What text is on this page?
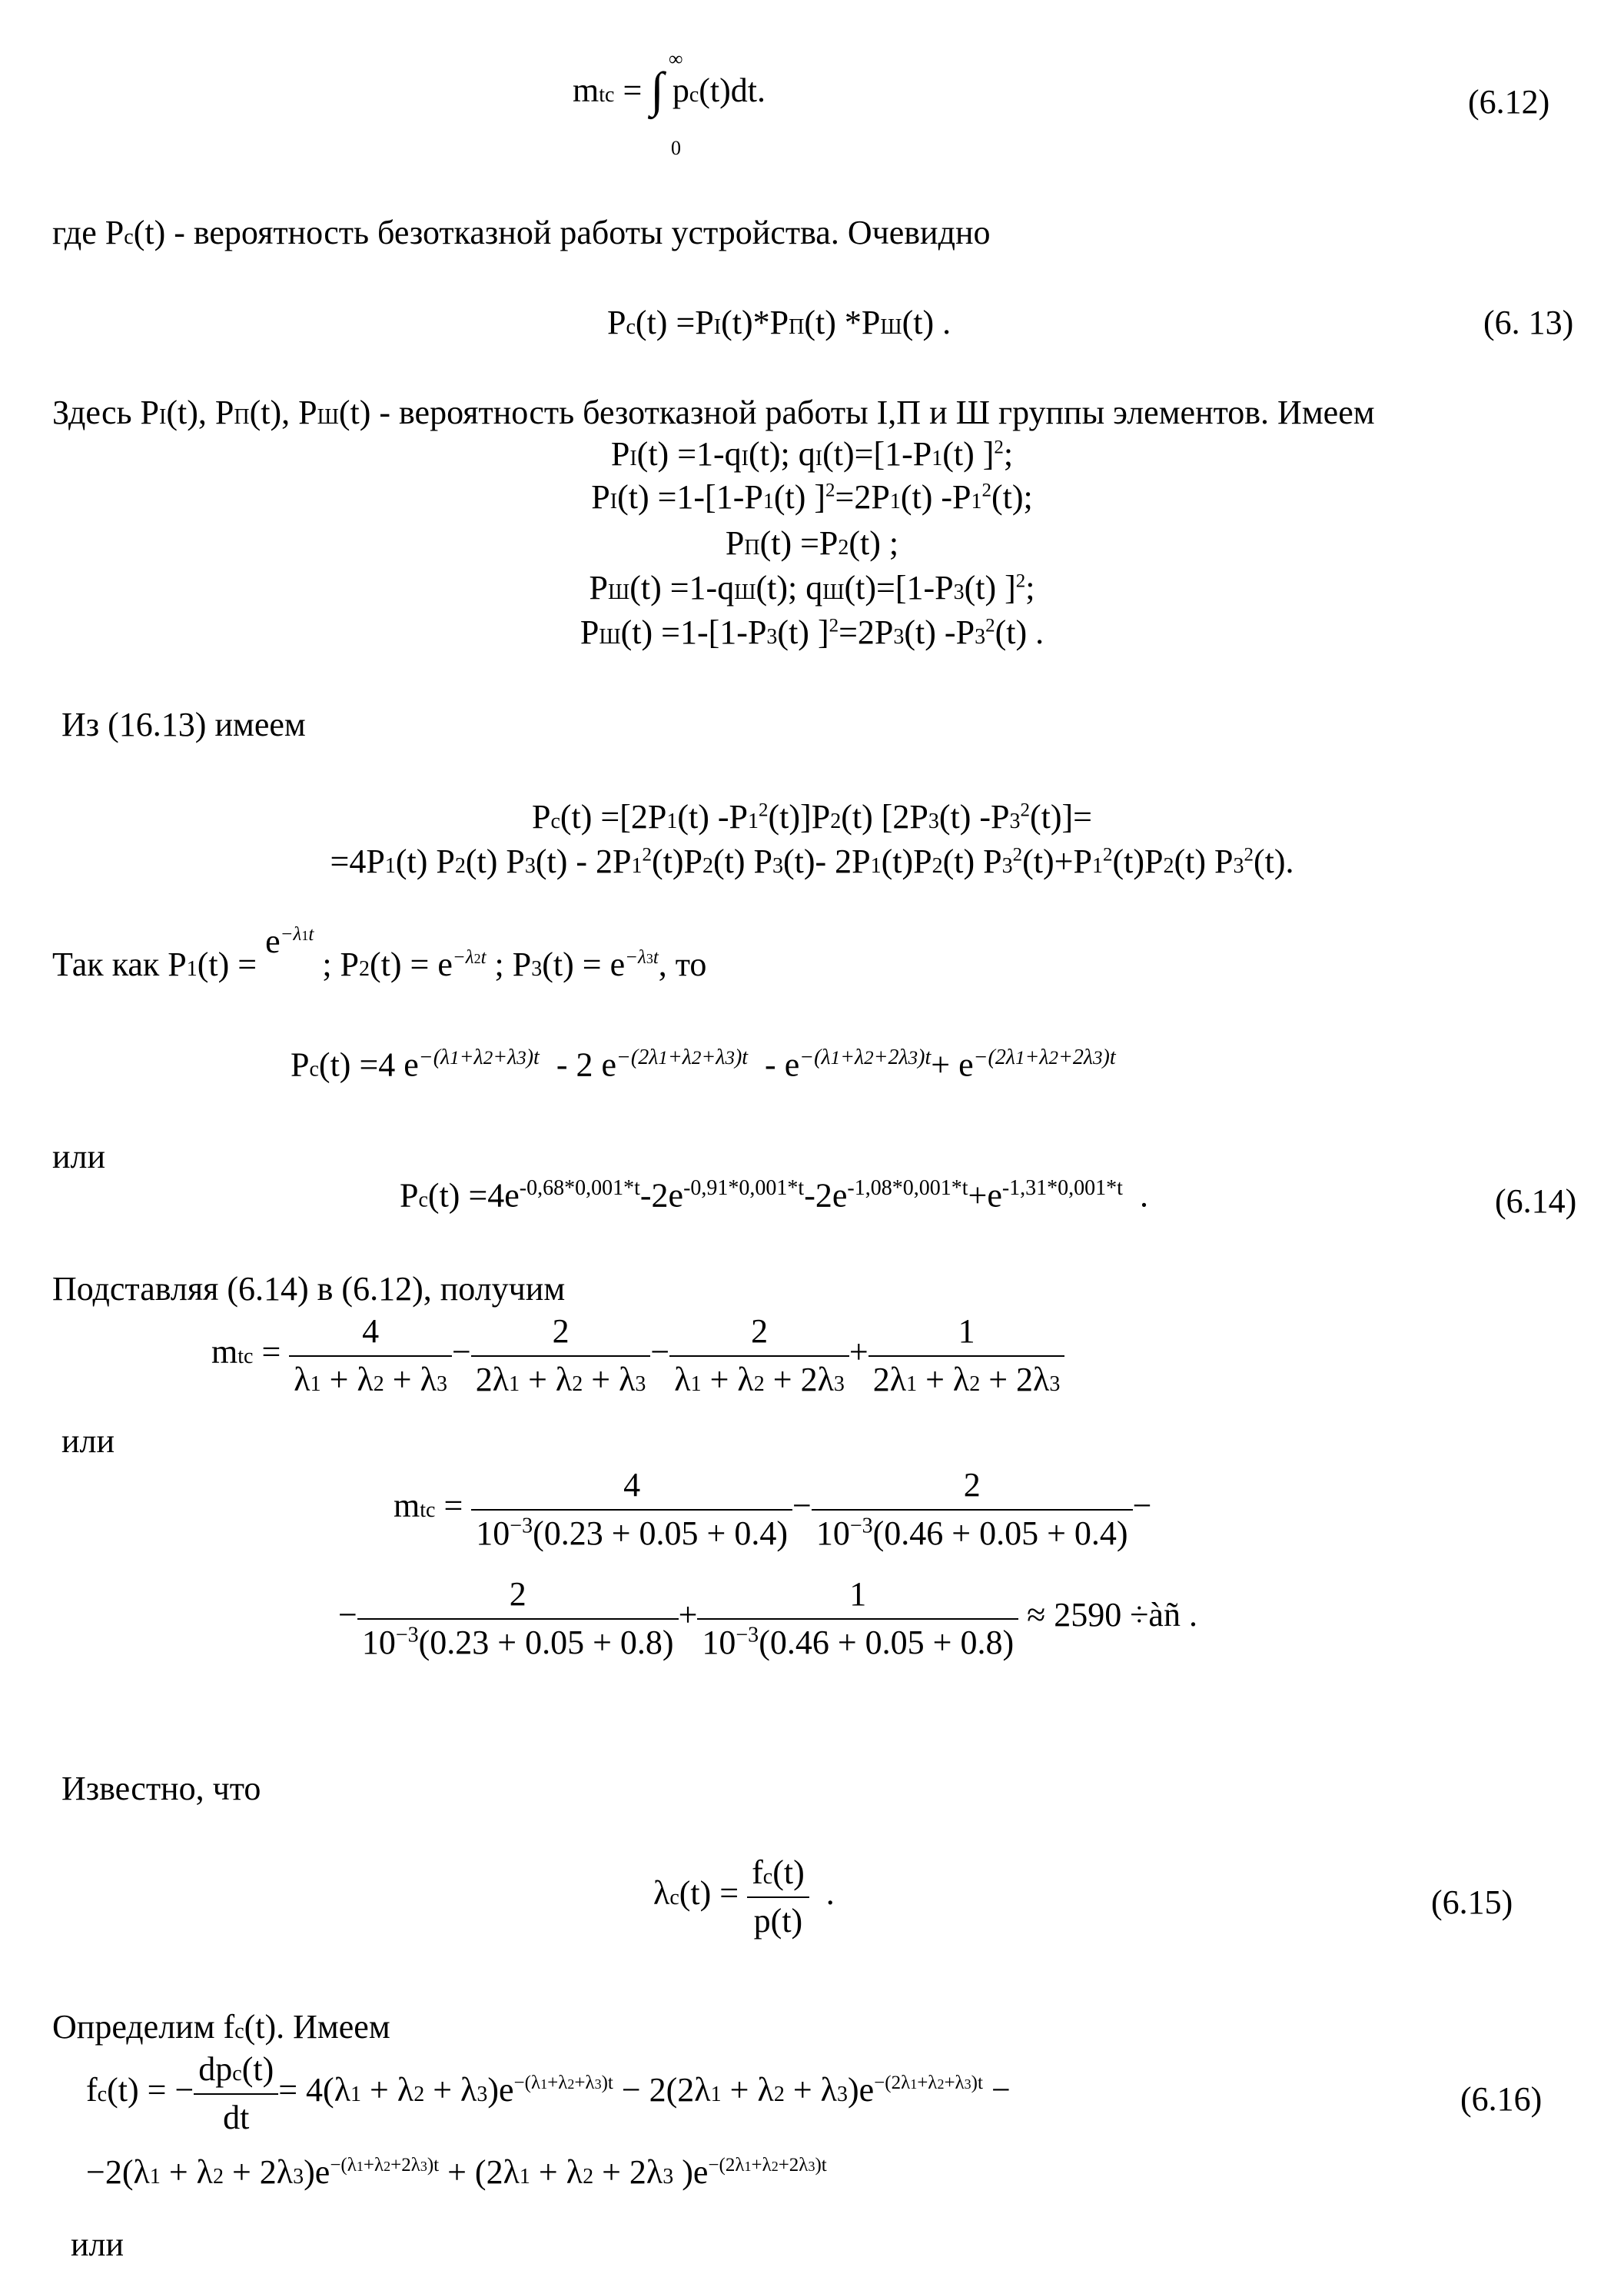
mtc = ∫ pc(t)dt.
∞
0
(6.12)
где Pc(t) - вероятность безотказной работы устройства. Очевидно
Pc(t) =PI(t)*PП(t) *PШ(t) .	(6. 13)
Здесь PI(t), PП(t), PШ(t) - вероятность безотказной работы I,П и Ш группы элементов. Имеем
PI(t) =1-qI(t); qI(t)=[1-P1(t) ]$^2$;
PI(t) =1-[1-P1(t) ]$^2$=2P1(t) $-P1^2(t)$;
PП(t) =P2(t) ;
PШ(t) =1-qШ(t); qШ(t)=[1-P3(t) ]$^2$;
PШ(t) =1-[1-P3(t) ]$^2$=2P3(t) $-P3^2(t)$ .
Из (16.13) имеем
Pc(t) =[2P1(t) $-P1^2(t)]P2(t)$ [2P3(t) $-P3^2(t)]=$
=4P1(t) P2(t) $P3(t) - 2P1^2(t)P2(t)$ P3(t)- 2P1(t)P2(t) $P3^2(t)+P1^2(t)P2(t)$ $P3^2(t)$.
Так как $P1(t) = e^{-\lambda 1t}$ ; $P2(t) = e^{-\lambda 2t}$ ; $P3(t) = e^{-\lambda 3t}$, то
Pc(t) =4 $e^{-(\lambda 1+\lambda 2+\lambda 3)t} - 2$ $e^{-(2\lambda 1+\lambda 2+\lambda 3)t} - e^{-(\lambda 1+\lambda 2+2\lambda 3)t}+ e^{-(2\lambda 1+\lambda 2+2\lambda 3)t}$
или
$Pc(t) =4e^{-0,68*0,001*t}-2e^{-0,91*0,001*t}-2e^{-1,08*0,001*t}+e^{-1,31*0,001*t}$  .	(6.14)
Подставляя (6.14) в (6.12), получим
mtc = $\frac{4}{\lambda 1 + \lambda 2 + \lambda 3} - \frac{2}{2\lambda 1 + \lambda 2 + \lambda 3} - \frac{2}{\lambda 1 + \lambda 2 + 2\lambda 3} + \frac{1}{2\lambda 1 + \lambda 2 + 2\lambda 3}$
или
mtc = $\frac{4}{10^{-3}(0.23 + 0.05 + 0.4)} - \frac{2}{10^{-3}(0.46 + 0.05 + 0.4)}$ −
− $\frac{2}{10^{-3}(0.23 + 0.05 + 0.8)} + \frac{1}{10^{-3}(0.46 + 0.05 + 0.8)} \approx 2590$ ÷àñ .
Известно, что
$\lambda c(t) = \frac{fc(t)}{p(t)}$ .	(6.15)
Определим fc(t). Имеем
fc(t) = − $\frac{\text{dpc(t)}}{dt} = 4(\lambda 1 + \lambda 2 + \lambda 3)e^{-(\lambda 1+\lambda 2+\lambda 3)t} - 2(2\lambda 1 + \lambda 2 + \lambda 3)e^{-(2\lambda 1+\lambda 2+\lambda 3)t}$ −	(6.16)
$-2(\lambda 1 + \lambda 2 + 2\lambda 3)e^{-(\lambda 1+\lambda 2+2\lambda 3)t} + (2\lambda 1 + \lambda 2 + 2\lambda 3$ )$e^{-(2\lambda 1+\lambda 2+2\lambda 3)t}$
или
